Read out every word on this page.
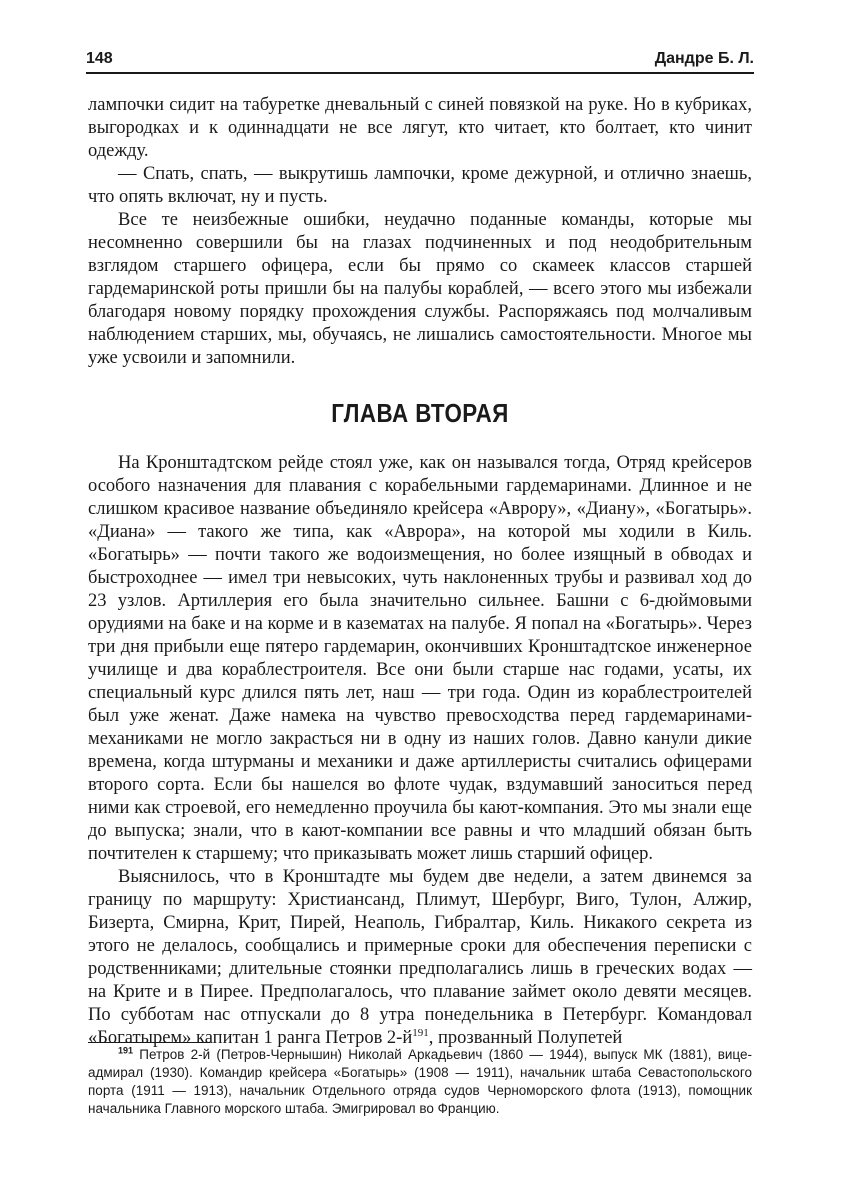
148	Дандре Б. Л.

лампочки сидит на табуретке дневальный с синей повязкой на руке. Но в кубриках, выгородках и к одиннадцати не все лягут, кто читает, кто болтает, кто чинит одежду.

— Спать, спать, — выкрутишь лампочки, кроме дежурной, и отлично знаешь, что опять включат, ну и пусть.

Все те неизбежные ошибки, неудачно поданные команды, которые мы несомненно совершили бы на глазах подчиненных и под неодобрительным взглядом старшего офицера, если бы прямо со скамеек классов старшей гардемаринской роты пришли бы на палубы кораблей, — всего этого мы избежали благодаря новому порядку прохождения службы. Распоряжаясь под молчаливым наблюдением старших, мы, обучаясь, не лишались самостоятельности. Многое мы уже усвоили и запомнили.

ГЛАВА ВТОРАЯ

На Кронштадтском рейде стоял уже, как он назывался тогда, Отряд крейсеров особого назначения для плавания с корабельными гардемаринами. Длинное и не слишком красивое название объединяло крейсера «Аврору», «Диану», «Богатырь». «Диана» — такого же типа, как «Аврора», на которой мы ходили в Киль. «Богатырь» — почти такого же водоизмещения, но более изящный в обводах и быстроходнее — имел три невысоких, чуть наклоненных трубы и развивал ход до 23 узлов. Артиллерия его была значительно сильнее. Башни с 6-дюймовыми орудиями на баке и на корме и в казематах на палубе. Я попал на «Богатырь». Через три дня прибыли еще пятеро гардемарин, окончивших Кронштадтское инженерное училище и два кораблестроителя. Все они были старше нас годами, усаты, их специальный курс длился пять лет, наш — три года. Один из кораблестроителей был уже женат. Даже намека на чувство превосходства перед гардемаринами-механиками не могло закрасться ни в одну из наших голов. Давно канули дикие времена, когда штурманы и механики и даже артиллеристы считались офицерами второго сорта. Если бы нашелся во флоте чудак, вздумавший заноситься перед ними как строевой, его немедленно проучила бы кают-компания. Это мы знали еще до выпуска; знали, что в кают-компании все равны и что младший обязан быть почтителен к старшему; что приказывать может лишь старший офицер.

Выяснилось, что в Кронштадте мы будем две недели, а затем двинемся за границу по маршруту: Христиансанд, Плимут, Шербург, Виго, Тулон, Алжир, Бизерта, Смирна, Крит, Пирей, Неаполь, Гибралтар, Киль. Никакого секрета из этого не делалось, сообщались и примерные сроки для обеспечения переписки с родственниками; длительные стоянки предполагались лишь в греческих водах — на Крите и в Пирее. Предполагалось, что плавание займет около девяти месяцев. По субботам нас отпускали до 8 утра понедельника в Петербург. Командовал «Богатырем» капитан 1 ранга Петров 2-й$^{191}$, прозванный Полупетей

$^{191}$ Петров 2-й (Петров-Чернышин) Николай Аркадьевич (1860 — 1944), выпуск МК (1881), вице-адмирал (1930). Командир крейсера «Богатырь» (1908 — 1911), начальник штаба Севастопольского порта (1911 — 1913), начальник Отдельного отряда судов Черноморского флота (1913), помощник начальника Главного морского штаба. Эмигрировал во Францию.
